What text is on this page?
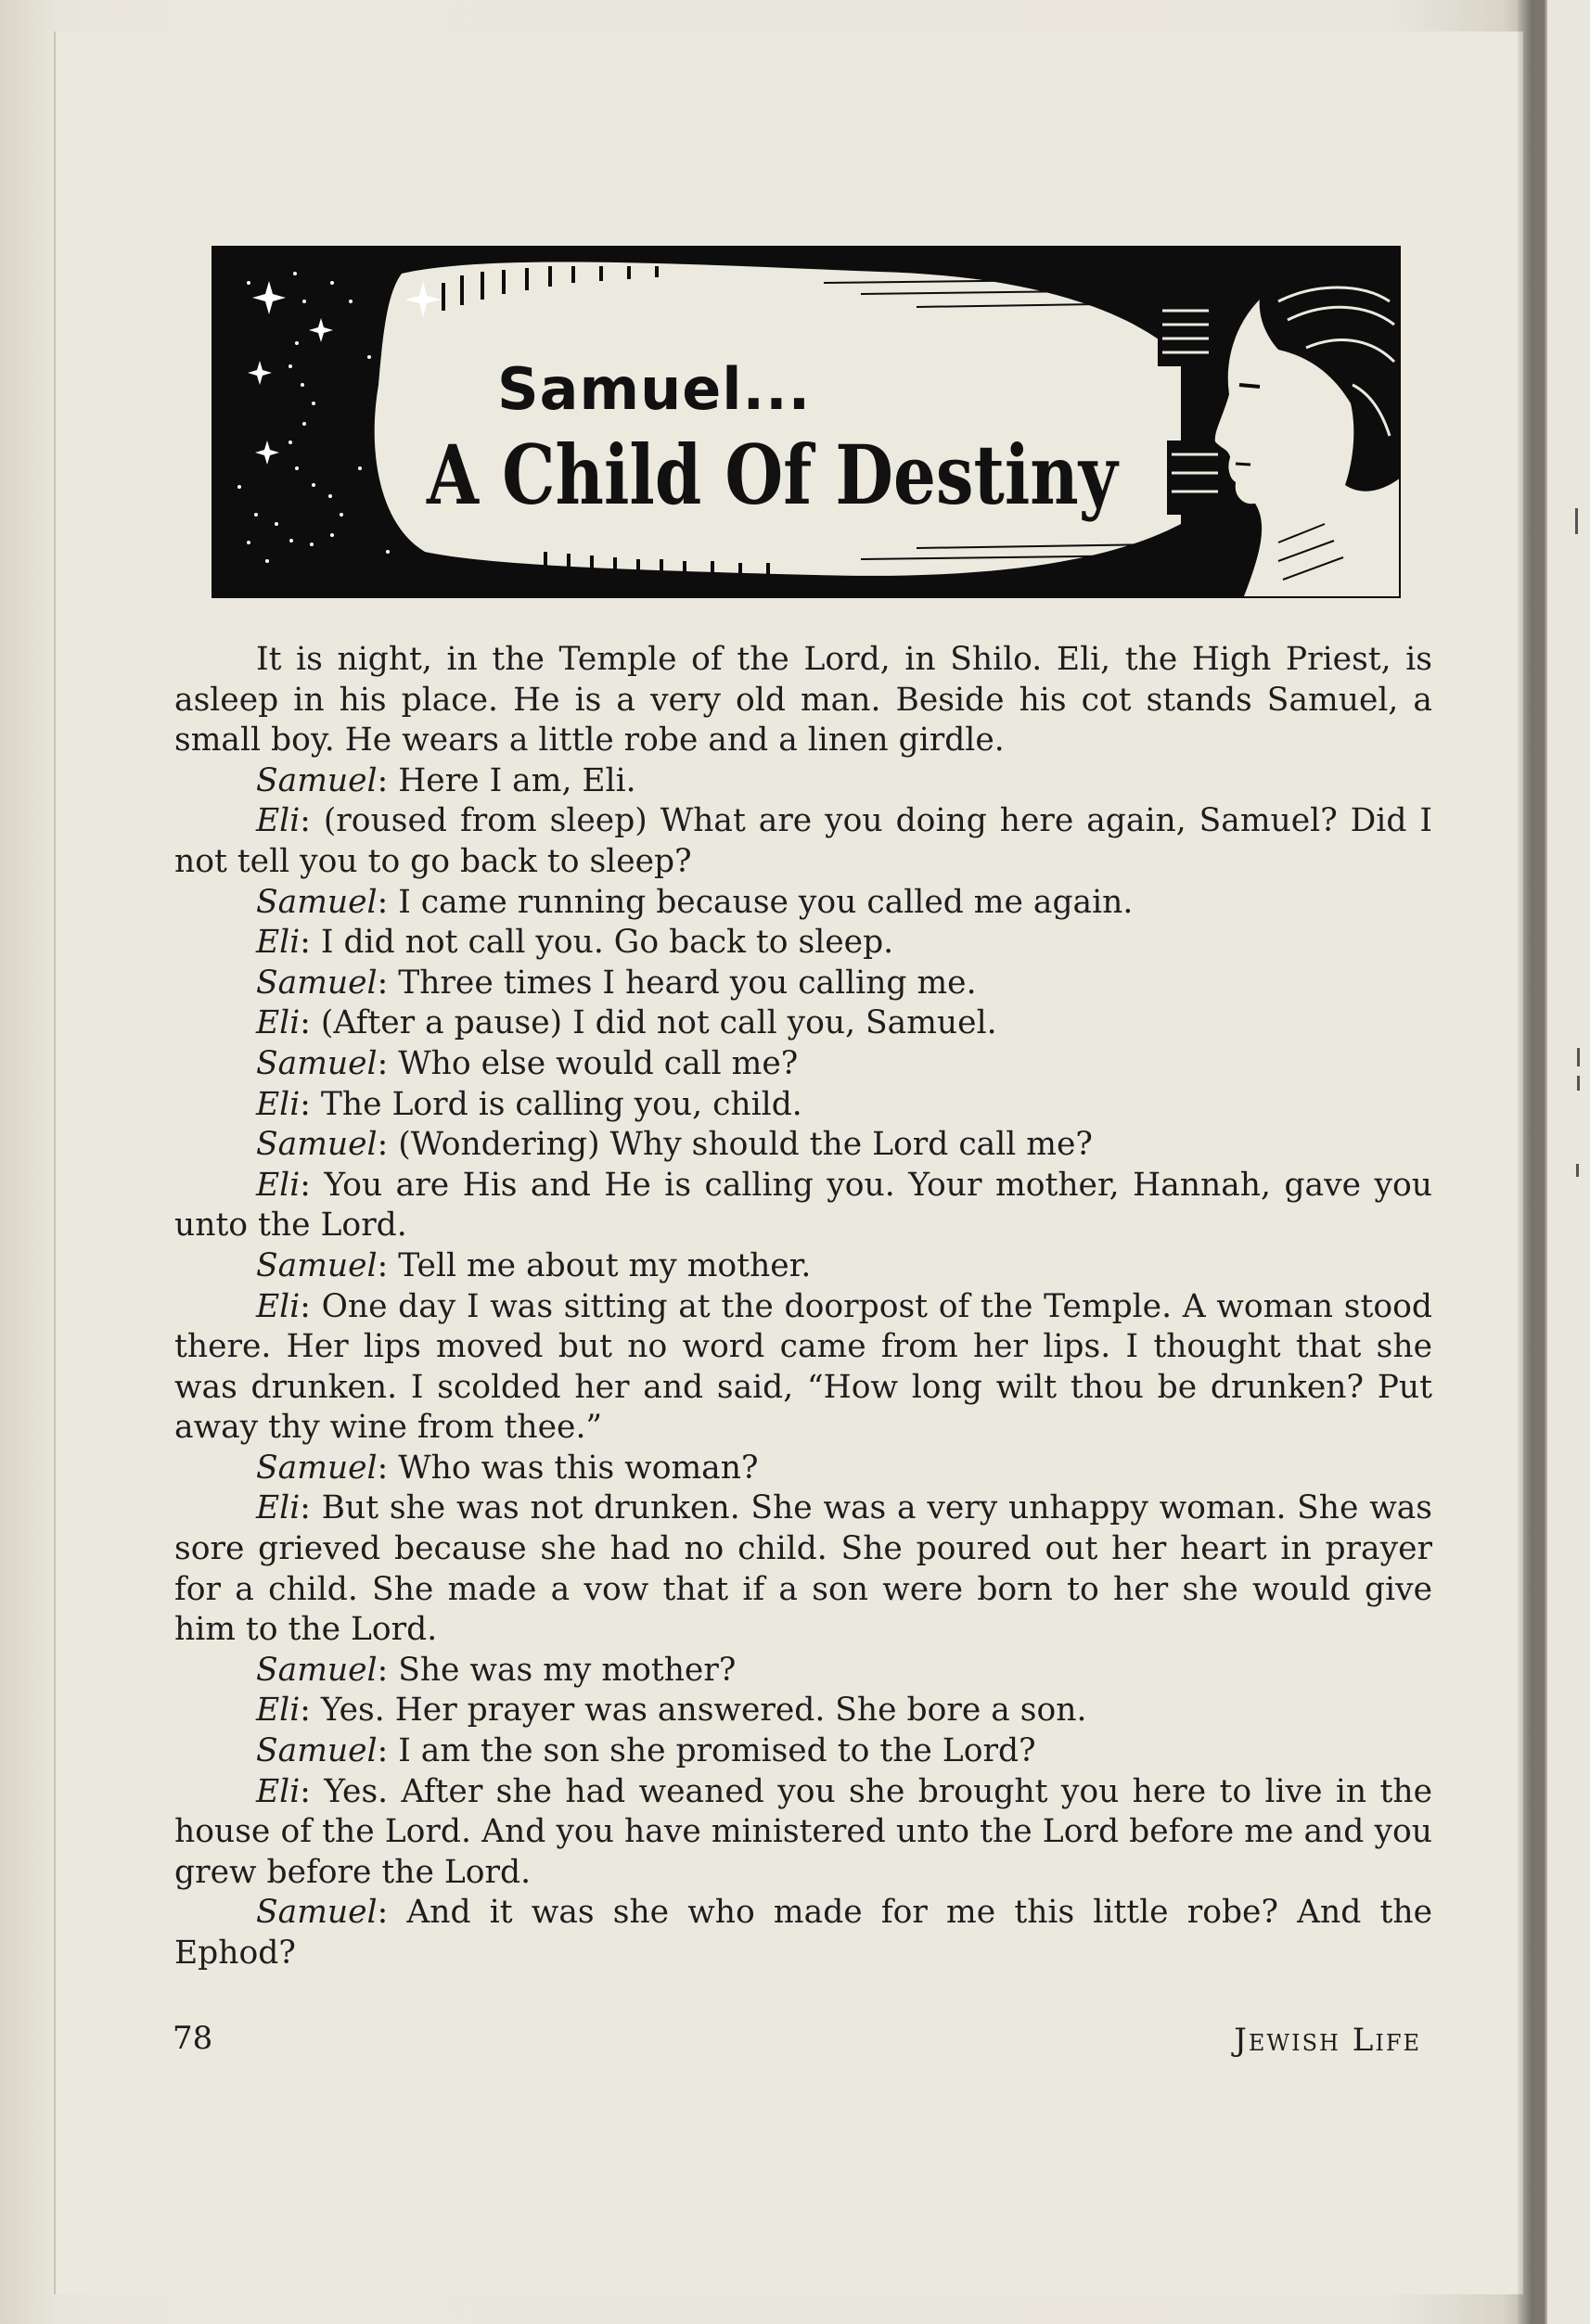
Samuel...
A Child Of Destiny

It is night, in the Temple of the Lord, in Shilo. Eli, the High Priest, is asleep in his place. He is a very old man. Beside his cot stands Samuel, a small boy. He wears a little robe and a linen girdle.

Samuel: Here I am, Eli.

Eli: (roused from sleep) What are you doing here again, Samuel? Did I not tell you to go back to sleep?

Samuel: I came running because you called me again.

Eli: I did not call you. Go back to sleep.

Samuel: Three times I heard you calling me.

Eli: (After a pause) I did not call you, Samuel.

Samuel: Who else would call me?

Eli: The Lord is calling you, child.

Samuel: (Wondering) Why should the Lord call me?

Eli: You are His and He is calling you. Your mother, Hannah, gave you unto the Lord.

Samuel: Tell me about my mother.

Eli: One day I was sitting at the doorpost of the Temple. A woman stood there. Her lips moved but no word came from her lips. I thought that she was drunken. I scolded her and said, “How long wilt thou be drunken? Put away thy wine from thee.”

Samuel: Who was this woman?

Eli: But she was not drunken. She was a very unhappy woman. She was sore grieved because she had no child. She poured out her heart in prayer for a child. She made a vow that if a son were born to her she would give him to the Lord.

Samuel: She was my mother?

Eli: Yes. Her prayer was answered. She bore a son.

Samuel: I am the son she promised to the Lord?

Eli: Yes. After she had weaned you she brought you here to live in the house of the Lord. And you have ministered unto the Lord before me and you grew before the Lord.

Samuel: And it was she who made for me this little robe? And the Ephod?

78	Jewish Life
